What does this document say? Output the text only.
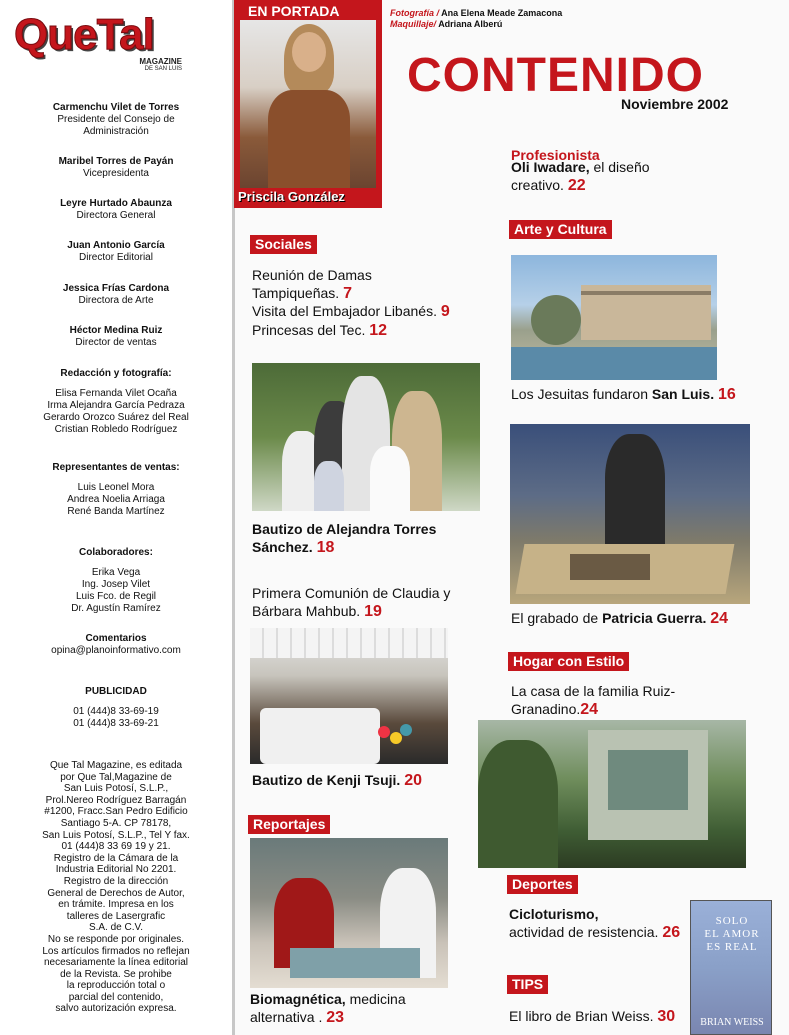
QueTal
MAGAZINE
DE SAN LUIS
Carmenchu Vilet de Torres
Presidente del Consejo de Administración
Maribel Torres de Payán
Vicepresidenta
Leyre Hurtado Abaunza
Directora General
Juan Antonio García
Director Editorial
Jessica Frías Cardona
Directora de Arte
Héctor Medina Ruiz
Director de ventas
Redacción y fotografía:
Elisa Fernanda Vilet Ocaña
Irma Alejandra García Pedraza
Gerardo Orozco Suárez del Real
Cristian Robledo Rodríguez
Representantes de ventas:
Luis Leonel Mora
Andrea Noelia Arriaga
René Banda Martínez
Colaboradores:
Erika Vega
Ing. Josep Vilet
Luis Fco. de Regil
Dr. Agustín Ramírez
Comentarios
opina@planoinformativo.com
PUBLICIDAD
01 (444)8 33-69-19
01 (444)8 33-69-21
Que Tal Magazine, es editada
por Que Tal,Magazine de
San Luis Potosí, S.L.P.,
Prol.Nereo Rodríguez Barragán
#1200, Fracc.San Pedro Edificio
Santiago 5-A. CP 78178,
San Luis Potosí, S.L.P., Tel Y fax.
01 (444)8 33 69 19 y 21.
Registro de la Cámara de la
Industria Editorial No 2201.
Registro de la dirección
General de Derechos de Autor,
en trámite. Impresa en los
talleres de Lasergrafic
S.A. de C.V.
No se responde por originales.
Los artículos firmados no reflejan
necesariamente la línea editorial
de la Revista. Se prohibe
la reproducción total o
parcial del contenido,
salvo autorización expresa.
EN PORTADA
Priscila González
Fotografía / Ana Elena Meade Zamacona
Maquillaje/ Adriana Alberú
CONTENIDO
Noviembre 2002
Sociales
Reunión de Damas
Tampiqueñas. 7
Visita del Embajador Libanés. 9
Princesas del Tec. 12
Bautizo de Alejandra Torres
Sánchez. 18
Primera Comunión de Claudia y
Bárbara Mahbub. 19
Bautizo de Kenji Tsuji. 20
Reportajes
Biomagnética, medicina
alternativa . 23
Profesionista
Oli Iwadare, el diseño
creativo. 22
Arte y Cultura
Los Jesuitas fundaron San Luis. 16
El grabado de Patricia Guerra. 24
Hogar con Estilo
La casa de la familia Ruiz-
Granadino.24
Deportes
Cicloturismo,
actividad de resistencia. 26
TIPS
El libro de Brian Weiss. 30
SOLO
EL AMOR
ES REAL
BRIAN WEISS
